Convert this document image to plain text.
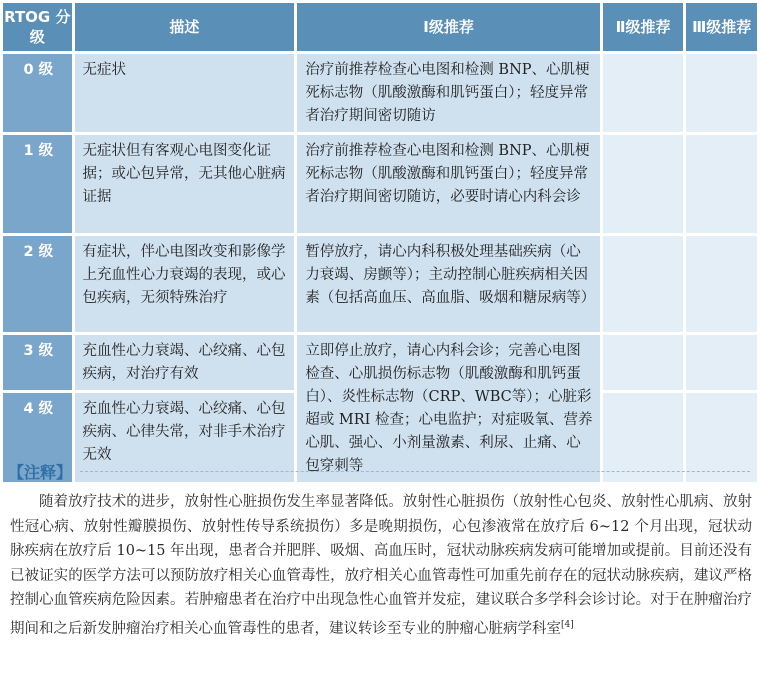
RTOG 分级	描述	Ⅰ级推荐	Ⅱ级推荐	Ⅲ级推荐
0 级	无症状	治疗前推荐检查心电图和检测 BNP、心肌梗死标志物（肌酸激酶和肌钙蛋白）；轻度异常者治疗期间密切随访		
1 级	无症状但有客观心电图变化证据；或心包异常，无其他心脏病证据	治疗前推荐检查心电图和检测 BNP、心肌梗死标志物（肌酸激酶和肌钙蛋白）；轻度异常者治疗期间密切随访，必要时请心内科会诊		
2 级	有症状，伴心电图改变和影像学上充血性心力衰竭的表现，或心包疾病，无须特殊治疗	暂停放疗，请心内科积极处理基础疾病（心力衰竭、房颤等）；主动控制心脏疾病相关因素（包括高血压、高血脂、吸烟和糖尿病等）		
3 级	充血性心力衰竭、心绞痛、心包疾病，对治疗有效	立即停止放疗，请心内科会诊；完善心电图检查、心肌损伤标志物（肌酸激酶和肌钙蛋白）、炎性标志物（CRP、WBC等）；心脏彩超或 MRI 检查；心电监护；对症吸氧、营养心肌、强心、小剂量激素、利尿、止痛、心包穿刺等		
4 级	充血性心力衰竭、心绞痛、心包疾病、心律失常，对非手术治疗无效			
【注释】
随着放疗技术的进步，放射性心脏损伤发生率显著降低。放射性心脏损伤（放射性心包炎、放射性心肌病、放射性冠心病、放射性瓣膜损伤、放射性传导系统损伤）多是晚期损伤，心包渗液常在放疗后 6~12 个月出现，冠状动脉疾病在放疗后 10~15 年出现，患者合并肥胖、吸烟、高血压时，冠状动脉疾病发病可能增加或提前。目前还没有已被证实的医学方法可以预防放疗相关心血管毒性，放疗相关心血管毒性可加重先前存在的冠状动脉疾病，建议严格控制心血管疾病危险因素。若肿瘤患者在治疗中出现急性心血管并发症，建议联合多学科会诊讨论。对于在肿瘤治疗期间和之后新发肿瘤治疗相关心血管毒性的患者，建议转诊至专业的肿瘤心脏病学科室[4]
